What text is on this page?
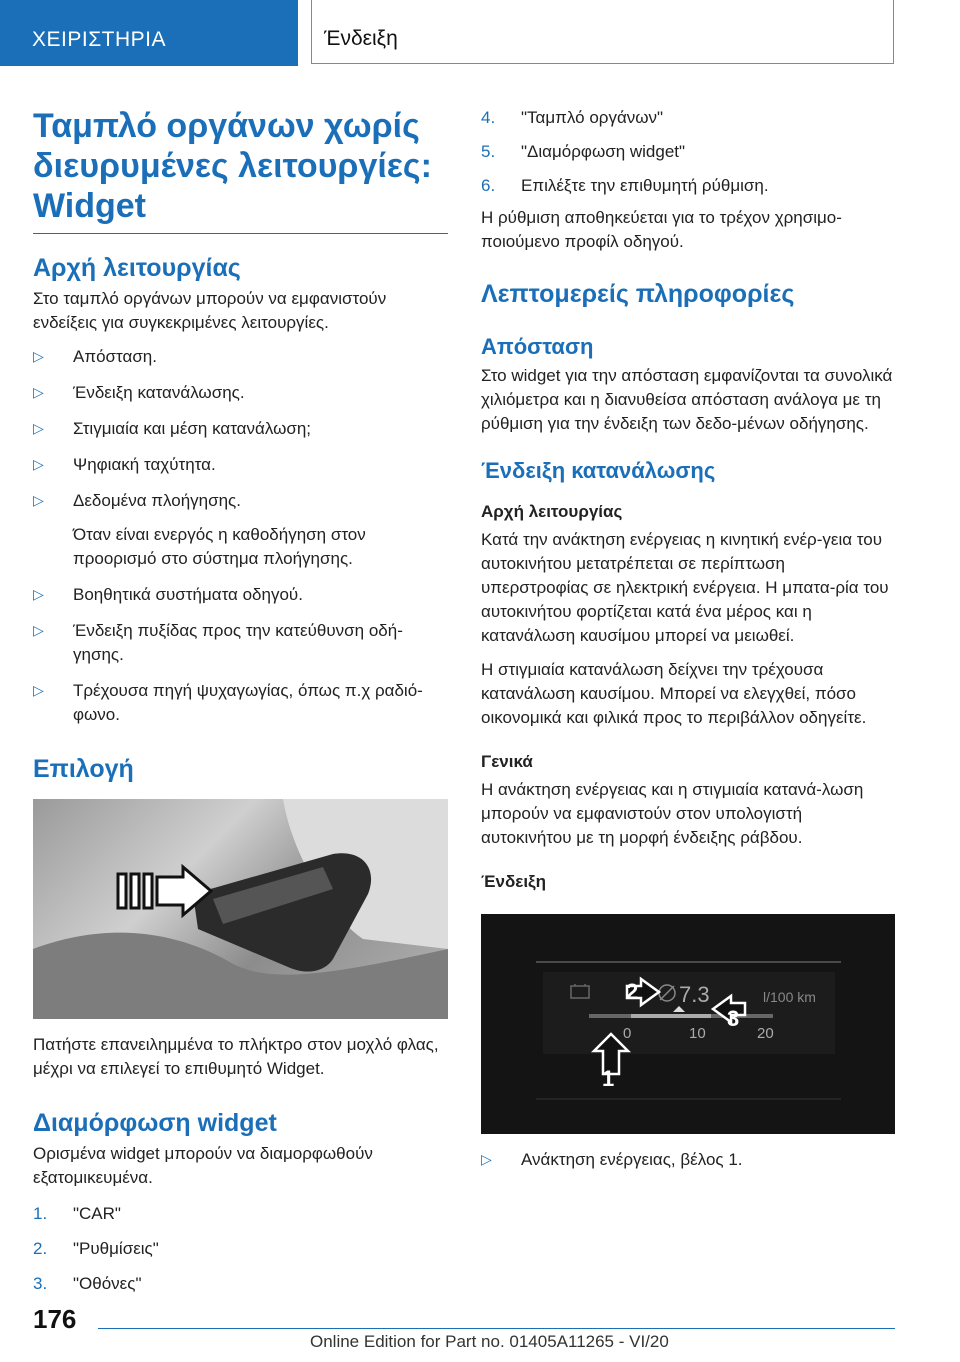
ΧΕΙΡΙΣΤΗΡΙΑ	Ένδειξη
Ταμπλό οργάνων χωρίς διευρυμένες λειτουργίες: Widget
Αρχή λειτουργίας

Στο ταμπλό οργάνων μπορούν να εμφανιστούν ενδείξεις για συγκεκριμένες λειτουργίες.

▷ Απόσταση.
▷ Ένδειξη κατανάλωσης.
▷ Στιγμιαία και μέση κατανάλωση;
▷ Ψηφιακή ταχύτητα.
▷ Δεδομένα πλοήγησης.

Όταν είναι ενεργός η καθοδήγηση στον προορισμό στο σύστημα πλοήγησης.

▷ Βοηθητικά συστήματα οδηγού.
▷ Ένδειξη πυξίδας προς την κατεύθυνση οδή-γησης.
▷ Τρέχουσα πηγή ψυχαγωγίας, όπως π.χ ραδιό-φωνο.
Επιλογή

Πατήστε επανειλημμένα το πλήκτρο στον μοχλό φλας, μέχρι να επιλεγεί το επιθυμητό Widget.

Διαμόρφωση widget

Ορισμένα widget μπορούν να διαμορφωθούν εξατομικευμένα.

1. "CAR"
2. "Ρυθμίσεις"
3. "Οθόνες"
4. "Ταμπλό οργάνων"
5. "Διαμόρφωση widget"
6. Επιλέξτε την επιθυμητή ρύθμιση.

Η ρύθμιση αποθηκεύεται για το τρέχον χρησιμο-ποιούμενο προφίλ οδηγού.

Λεπτομερείς πληροφορίες
Απόσταση

Στο widget για την απόσταση εμφανίζονται τα συνολικά χιλιόμετρα και η διανυθείσα απόσταση ανάλογα με τη ρύθμιση για την ένδειξη των δεδο-μένων οδήγησης.

Ένδειξη κατανάλωσης
Αρχή λειτουργίας

Κατά την ανάκτηση ενέργειας η κινητική ενέρ-γεια του αυτοκινήτου μετατρέπεται σε περίπτωση υπερστροφίας σε ηλεκτρική ενέργεια. Η μπατα-ρία του αυτοκινήτου φορτίζεται κατά ένα μέρος και η κατανάλωση καυσίμου μπορεί να μειωθεί.

Η στιγμιαία κατανάλωση δείχνει την τρέχουσα κατανάλωση καυσίμου. Μπορεί να ελεγχθεί, πόσο οικονομικά και φιλικά προς το περιβάλλον οδηγείτε.

Γενικά

Η ανάκτηση ενέργειας και η στιγμιαία κατανά-λωση μπορούν να εμφανιστούν στον υπολογιστή αυτοκινήτου με τη μορφή ένδειξης ράβδου.

Ένδειξη
7.3	l/100 km
0	10	20
1
2
3
▷ Ανάκτηση ενέργειας, βέλος 1.
176
Online Edition for Part no. 01405A11265 - VI/20
